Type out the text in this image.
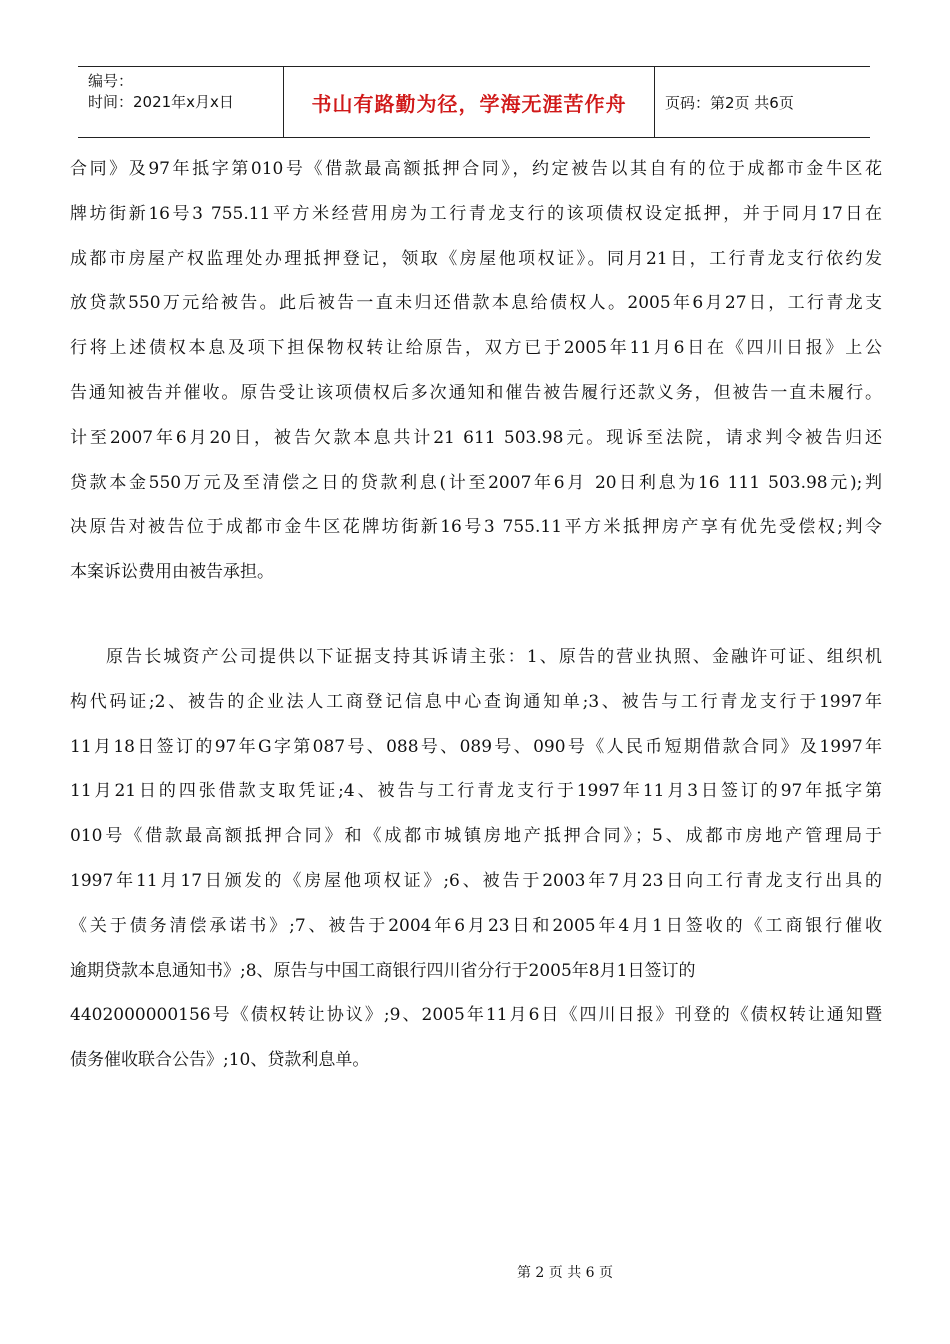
编号：
时间：2021年x月x日	书山有路勤为径，学海无涯苦作舟	页码：第2页 共6页
合同》及97年抵字第010号《借款最高额抵押合同》，约定被告以其自有的位于成都市金牛区花
牌坊街新16号3 755.11平方米经营用房为工行青龙支行的该项债权设定抵押，并于同月17日在
成都市房屋产权监理处办理抵押登记，领取《房屋他项权证》。同月21日，工行青龙支行依约发
放贷款550万元给被告。此后被告一直未归还借款本息给债权人。2005年6月27日，工行青龙支
行将上述债权本息及项下担保物权转让给原告，双方已于2005年11月6日在《四川日报》上公
告通知被告并催收。原告受让该项债权后多次通知和催告被告履行还款义务，但被告一直未履行。
计至2007年6月20日，被告欠款本息共计21 611 503.98元。现诉至法院，请求判令被告归还
贷款本金550万元及至清偿之日的贷款利息(计至2007年6月 20日利息为16 111 503.98元);判
决原告对被告位于成都市金牛区花牌坊街新16号3 755.11平方米抵押房产享有优先受偿权;判令
本案诉讼费用由被告承担。
原告长城资产公司提供以下证据支持其诉请主张：1、原告的营业执照、金融许可证、组织机
构代码证;2、被告的企业法人工商登记信息中心查询通知单;3、被告与工行青龙支行于1997年
11月18日签订的97年G字第087号、088号、089号、090号《人民币短期借款合同》及1997年
11月21日的四张借款支取凭证;4、被告与工行青龙支行于1997年11月3日签订的97年抵字第
010号《借款最高额抵押合同》和《成都市城镇房地产抵押合同》；5、成都市房地产管理局于
1997年11月17日颁发的《房屋他项权证》;6、被告于2003年7月23日向工行青龙支行出具的
《关于债务清偿承诺书》;7、被告于2004年6月23日和2005年4月1日签收的《工商银行催收
逾期贷款本息通知书》;8、原告与中国工商银行四川省分行于2005年8月1日签订的
4402000000156号《债权转让协议》;9、2005年11月6日《四川日报》刊登的《债权转让通知暨
债务催收联合公告》;10、贷款利息单。
第 2 页 共 6 页
